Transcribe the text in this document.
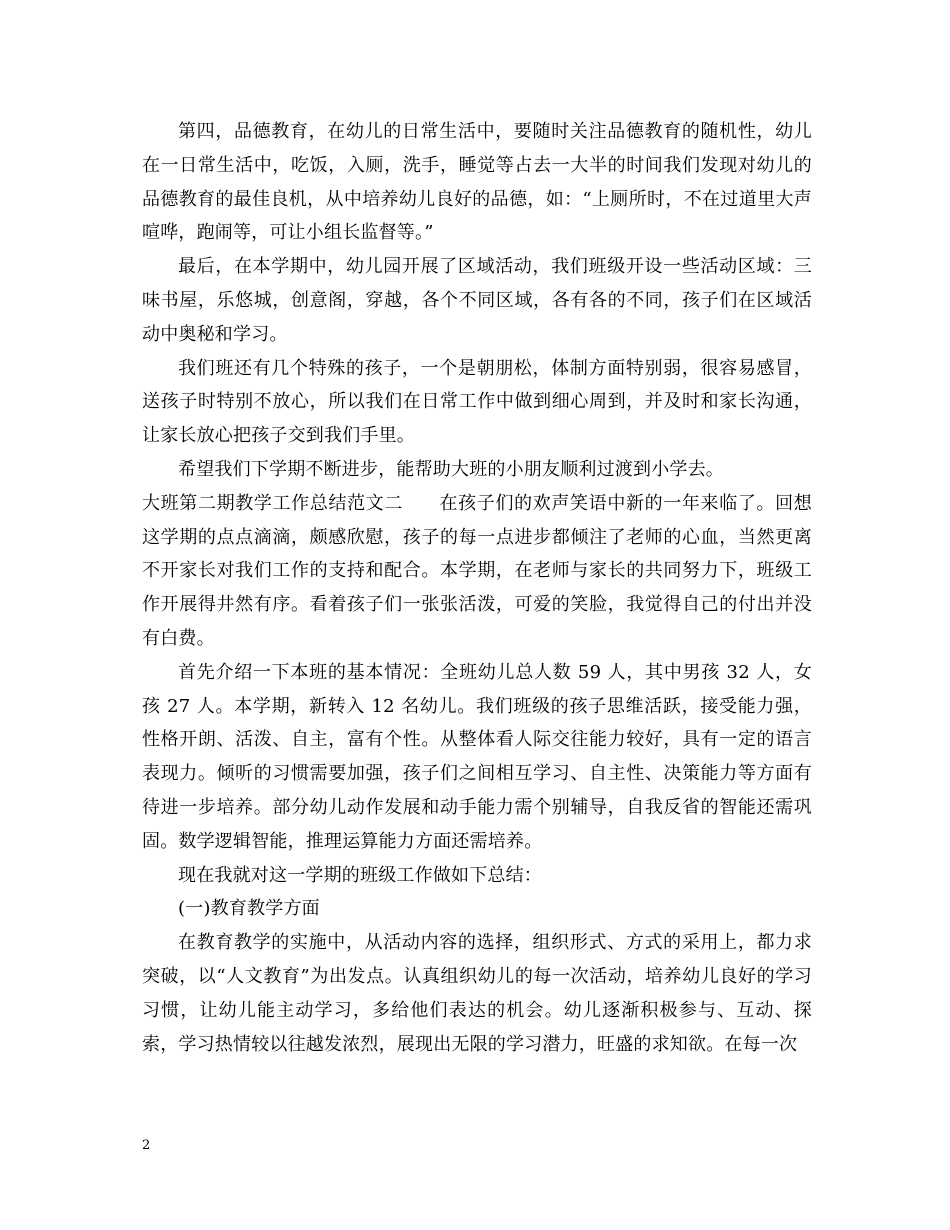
第四，品德教育，在幼儿的日常生活中，要随时关注品德教育的随机性，幼儿在一日常生活中，吃饭，入厕，洗手，睡觉等占去一大半的时间我们发现对幼儿的品德教育的最佳良机，从中培养幼儿良好的品德，如：“上厕所时，不在过道里大声喧哗，跑闹等，可让小组长监督等。”

最后，在本学期中，幼儿园开展了区域活动，我们班级开设一些活动区域：三味书屋，乐悠城，创意阁，穿越，各个不同区域，各有各的不同，孩子们在区域活动中奥秘和学习。

我们班还有几个特殊的孩子，一个是朝朋松，体制方面特别弱，很容易感冒，送孩子时特别不放心，所以我们在日常工作中做到细心周到，并及时和家长沟通，让家长放心把孩子交到我们手里。

希望我们下学期不断进步，能帮助大班的小朋友顺利过渡到小学去。

大班第二期教学工作总结范文二 在孩子们的欢声笑语中新的一年来临了。回想这学期的点点滴滴，颇感欣慰，孩子的每一点进步都倾注了老师的心血，当然更离不开家长对我们工作的支持和配合。本学期，在老师与家长的共同努力下，班级工作开展得井然有序。看着孩子们一张张活泼，可爱的笑脸，我觉得自己的付出并没有白费。

首先介绍一下本班的基本情况：全班幼儿总人数 59 人，其中男孩 32 人，女孩 27 人。本学期，新转入 12 名幼儿。我们班级的孩子思维活跃，接受能力强，性格开朗、活泼、自主，富有个性。从整体看人际交往能力较好，具有一定的语言表现力。倾听的习惯需要加强，孩子们之间相互学习、自主性、决策能力等方面有待进一步培养。部分幼儿动作发展和动手能力需个别辅导，自我反省的智能还需巩固。数学逻辑智能，推理运算能力方面还需培养。

现在我就对这一学期的班级工作做如下总结：

(一)教育教学方面

在教育教学的实施中，从活动内容的选择，组织形式、方式的采用上，都力求突破，以“人文教育”为出发点。认真组织幼儿的每一次活动，培养幼儿良好的学习习惯，让幼儿能主动学习，多给他们表达的机会。幼儿逐渐积极参与、互动、探索，学习热情较以往越发浓烈，展现出无限的学习潜力，旺盛的求知欲。在每一次

2
